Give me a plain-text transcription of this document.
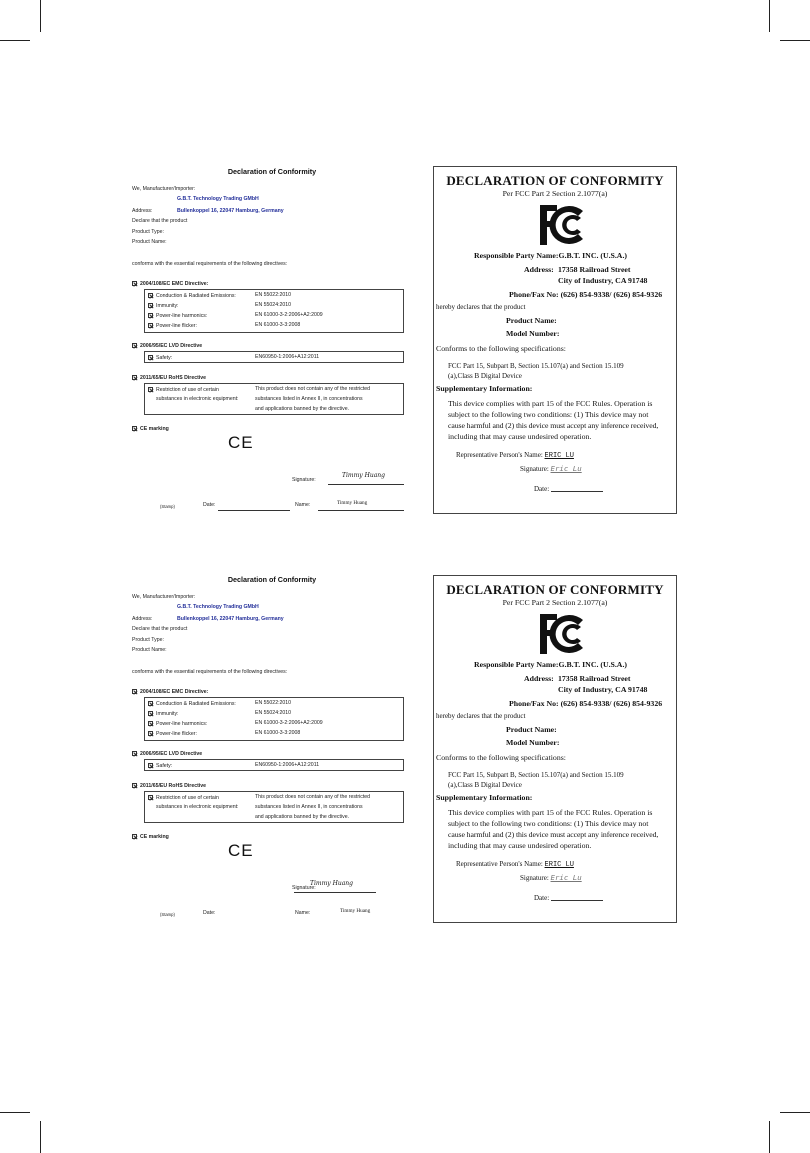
Declaration of Conformity
We, Manufacturer/Importer:
G.B.T. Technology Trading GMbH
Address:	Bullenkoppel 16, 22047 Hamburg, Germany
Declare that the product
Product Type:
Product Name:
conforms with the essential requirements of the following directives:
2004/108/EC EMC Directive:
Conduction & Radiated Emissions:	EN 55022:2010
Immunity:	EN 55024:2010
Power-line harmonics:	EN 61000-3-2:2006+A2:2009
Power-line flicker:	EN 61000-3-3:2008
2006/95/EC LVD Directive
Safety:	EN60950-1:2006+A12:2011
2011/65/EU RoHS Directive
Restriction of use of certain
substances in electronic equipment:
This product does not contain any of the restricted
substances listed in Annex II, in concentrations
and applications banned by the directive.
CE marking
CE
Signature:
Timmy Huang
(Stamp)	Date:	Name:	Timmy Huang
DECLARATION OF CONFORMITY
Per FCC Part 2 Section 2.1077(a)
Responsible Party Name:G.B.T. INC. (U.S.A.)
Address: 17358 Railroad Street
City of Industry, CA 91748
Phone/Fax No: (626) 854-9338/ (626) 854-9326
hereby declares that the product
Product Name:
Model Number:
Conforms to the following specifications:
FCC Part 15, Subpart B, Section 15.107(a) and Section 15.109
(a),Class B Digital Device
Supplementary Information:
This device complies with part 15 of the FCC Rules. Operation is
subject to the following two conditions: (1) This device may not
cause harmful and (2) this device must accept any inference received,
including that may cause undesired operation.
Representative Person's Name: ERIC LU
Signature: Eric Lu
Date:
Declaration of Conformity
We, Manufacturer/Importer:
G.B.T. Technology Trading GMbH
Address:	Bullenkoppel 16, 22047 Hamburg, Germany
Declare that the product
Product Type:
Product Name:
conforms with the essential requirements of the following directives:
2004/108/EC EMC Directive:
Conduction & Radiated Emissions:	EN 55022:2010
Immunity:	EN 55024:2010
Power-line harmonics:	EN 61000-3-2:2006+A2:2009
Power-line flicker:	EN 61000-3-3:2008
2006/95/EC LVD Directive
Safety:	EN60950-1:2006+A12:2011
2011/65/EU RoHS Directive
Restriction of use of certain
substances in electronic equipment:
This product does not contain any of the restricted
substances listed in Annex II, in concentrations
and applications banned by the directive.
CE marking
CE
Signature:
Timmy Huang
(Stamp)	Date:	Name:	Timmy Huang
DECLARATION OF CONFORMITY
Per FCC Part 2 Section 2.1077(a)
Responsible Party Name:G.B.T. INC. (U.S.A.)
Address: 17358 Railroad Street
City of Industry, CA 91748
Phone/Fax No: (626) 854-9338/ (626) 854-9326
hereby declares that the product
Product Name:
Model Number:
Conforms to the following specifications:
FCC Part 15, Subpart B, Section 15.107(a) and Section 15.109
(a),Class B Digital Device
Supplementary Information:
This device complies with part 15 of the FCC Rules. Operation is
subject to the following two conditions: (1) This device may not
cause harmful and (2) this device must accept any inference received,
including that may cause undesired operation.
Representative Person's Name: ERIC LU
Signature: Eric Lu
Date:
